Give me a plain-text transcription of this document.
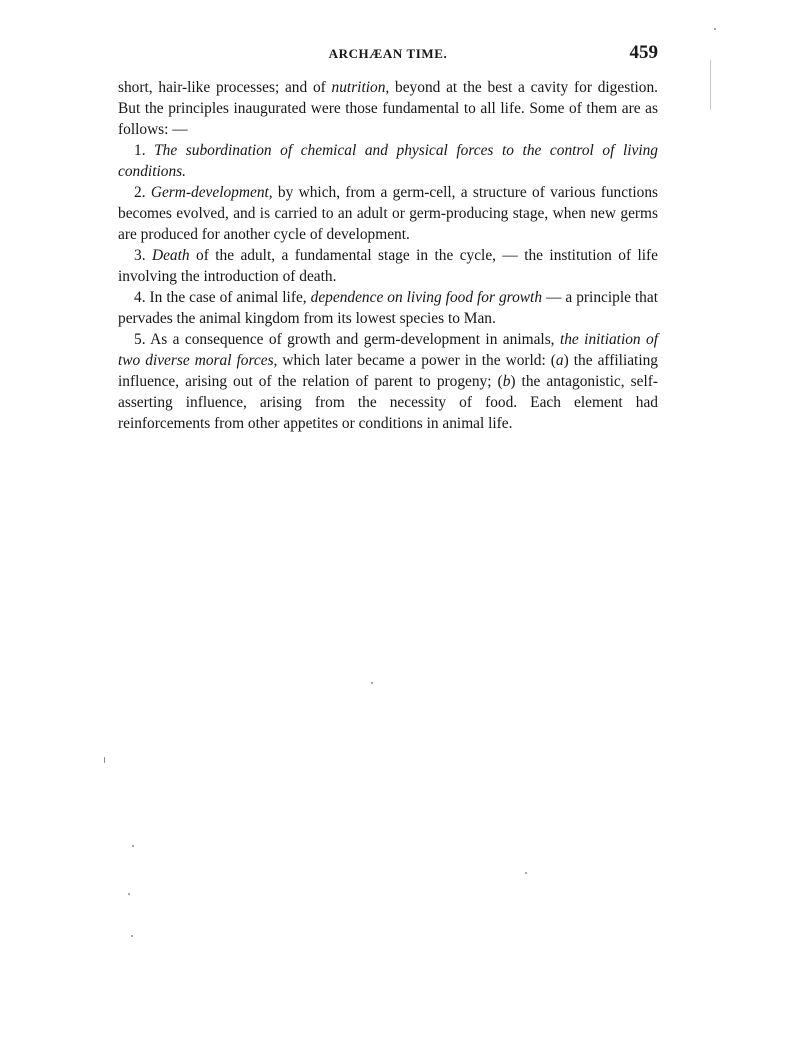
ARCHÆAN TIME.	459

short, hair-like processes; and of nutrition, beyond at the best a cavity for digestion. But the principles inaugurated were those fundamental to all life. Some of them are as follows: —

1. The subordination of chemical and physical forces to the control of living conditions.

2. Germ-development, by which, from a germ-cell, a structure of various functions becomes evolved, and is carried to an adult or germ-producing stage, when new germs are produced for another cycle of development.

3. Death of the adult, a fundamental stage in the cycle, — the institution of life involving the introduction of death.

4. In the case of animal life, dependence on living food for growth — a principle that pervades the animal kingdom from its lowest species to Man.

5. As a consequence of growth and germ-development in animals, the initiation of two diverse moral forces, which later became a power in the world: (a) the affiliating influence, arising out of the relation of parent to progeny; (b) the antagonistic, self-asserting influence, arising from the necessity of food. Each element had reinforcements from other appetites or conditions in animal life.
